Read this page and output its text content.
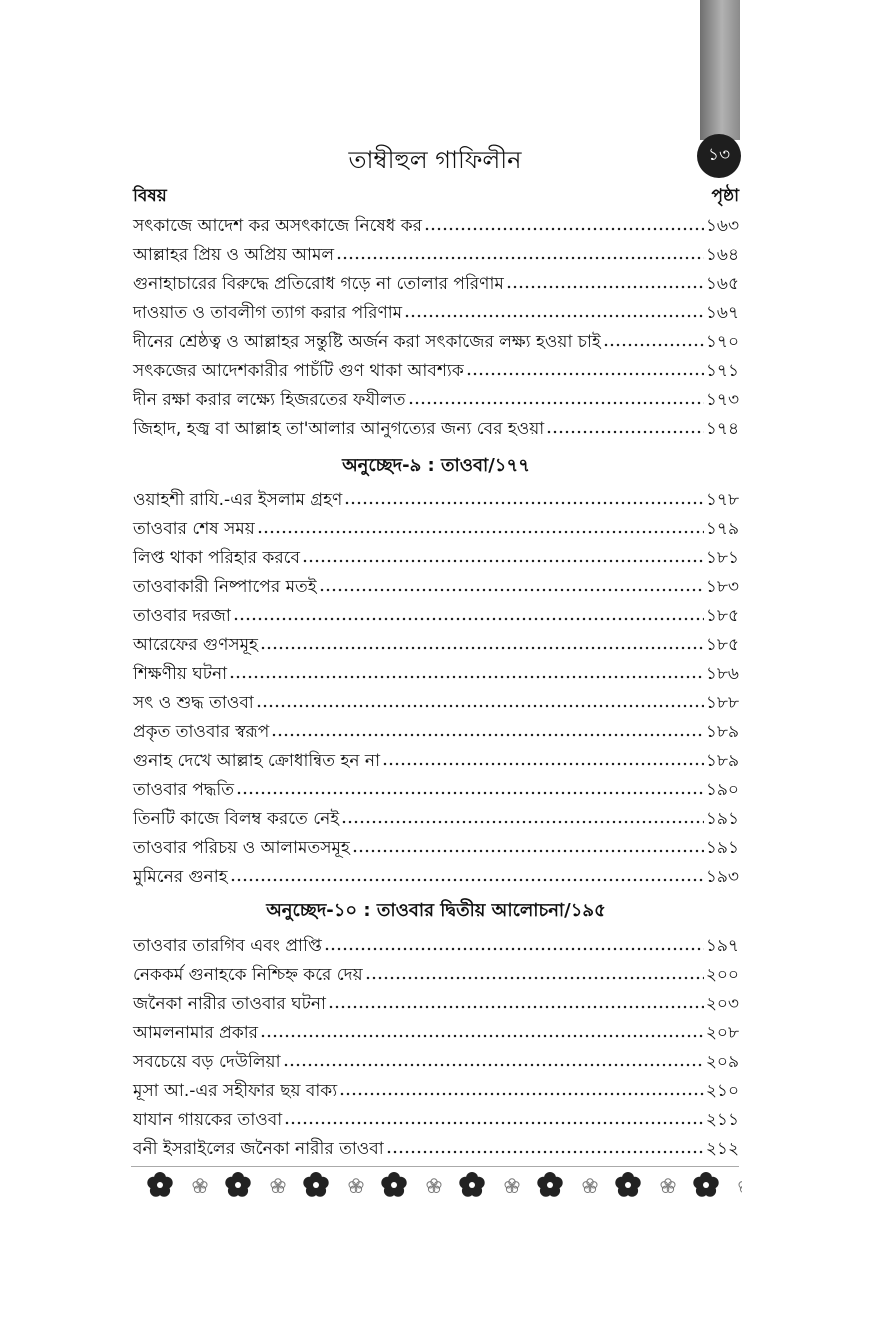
১৩
তাম্বীহুল গাফিলীন
বিষয়	পৃষ্ঠা
সৎকাজে আদেশ কর অসৎকাজে নিষেধ কর	১৬৩
আল্লাহর প্রিয় ও অপ্রিয় আমল	১৬৪
গুনাহাচারের বিরুদ্ধে প্রতিরোধ গড়ে না তোলার পরিণাম	১৬৫
দাওয়াত ও তাবলীগ ত্যাগ করার পরিণাম	১৬৭
দীনের শ্রেষ্ঠত্ব ও আল্লাহর সন্তুষ্টি অর্জন করা সৎকাজের লক্ষ্য হওয়া চাই	১৭০
সৎকজের আদেশকারীর পাচঁটি গুণ থাকা আবশ্যক	১৭১
দীন রক্ষা করার লক্ষ্যে হিজরতের ফযীলত	১৭৩
জিহাদ, হজ্ব বা আল্লাহ তা'আলার আনুগত্যের জন্য বের হওয়া	১৭৪
অনুচ্ছেদ-৯ : তাওবা/১৭৭
ওয়াহশী রাযি.-এর ইসলাম গ্রহণ	১৭৮
তাওবার শেষ সময়	১৭৯
লিপ্ত থাকা পরিহার করবে	১৮১
তাওবাকারী নিষ্পাপের মতই	১৮৩
তাওবার দরজা	১৮৫
আরেফের গুণসমূহ	১৮৫
শিক্ষণীয় ঘটনা	১৮৬
সৎ ও শুদ্ধ তাওবা	১৮৮
প্রকৃত তাওবার স্বরূপ	১৮৯
গুনাহ দেখে আল্লাহ ক্রোধান্বিত হন না	১৮৯
তাওবার পদ্ধতি	১৯০
তিনটি কাজে বিলম্ব করতে নেই	১৯১
তাওবার পরিচয় ও আলামতসমূহ	১৯১
মুমিনের গুনাহ	১৯৩
অনুচ্ছেদ-১০ : তাওবার দ্বিতীয় আলোচনা/১৯৫
তাওবার তারগিব এবং প্রাপ্তি	১৯৭
নেককর্ম গুনাহকে নিশ্চিহ্ন করে দেয়	২০০
জনৈকা নারীর তাওবার ঘটনা	২০৩
আমলনামার প্রকার	২০৮
সবচেয়ে বড় দেউলিয়া	২০৯
মূসা আ.-এর সহীফার ছয় বাক্য	২১০
যাযান গায়কের তাওবা	২১১
বনী ইসরাইলের জনৈকা নারীর তাওবা	২১২
